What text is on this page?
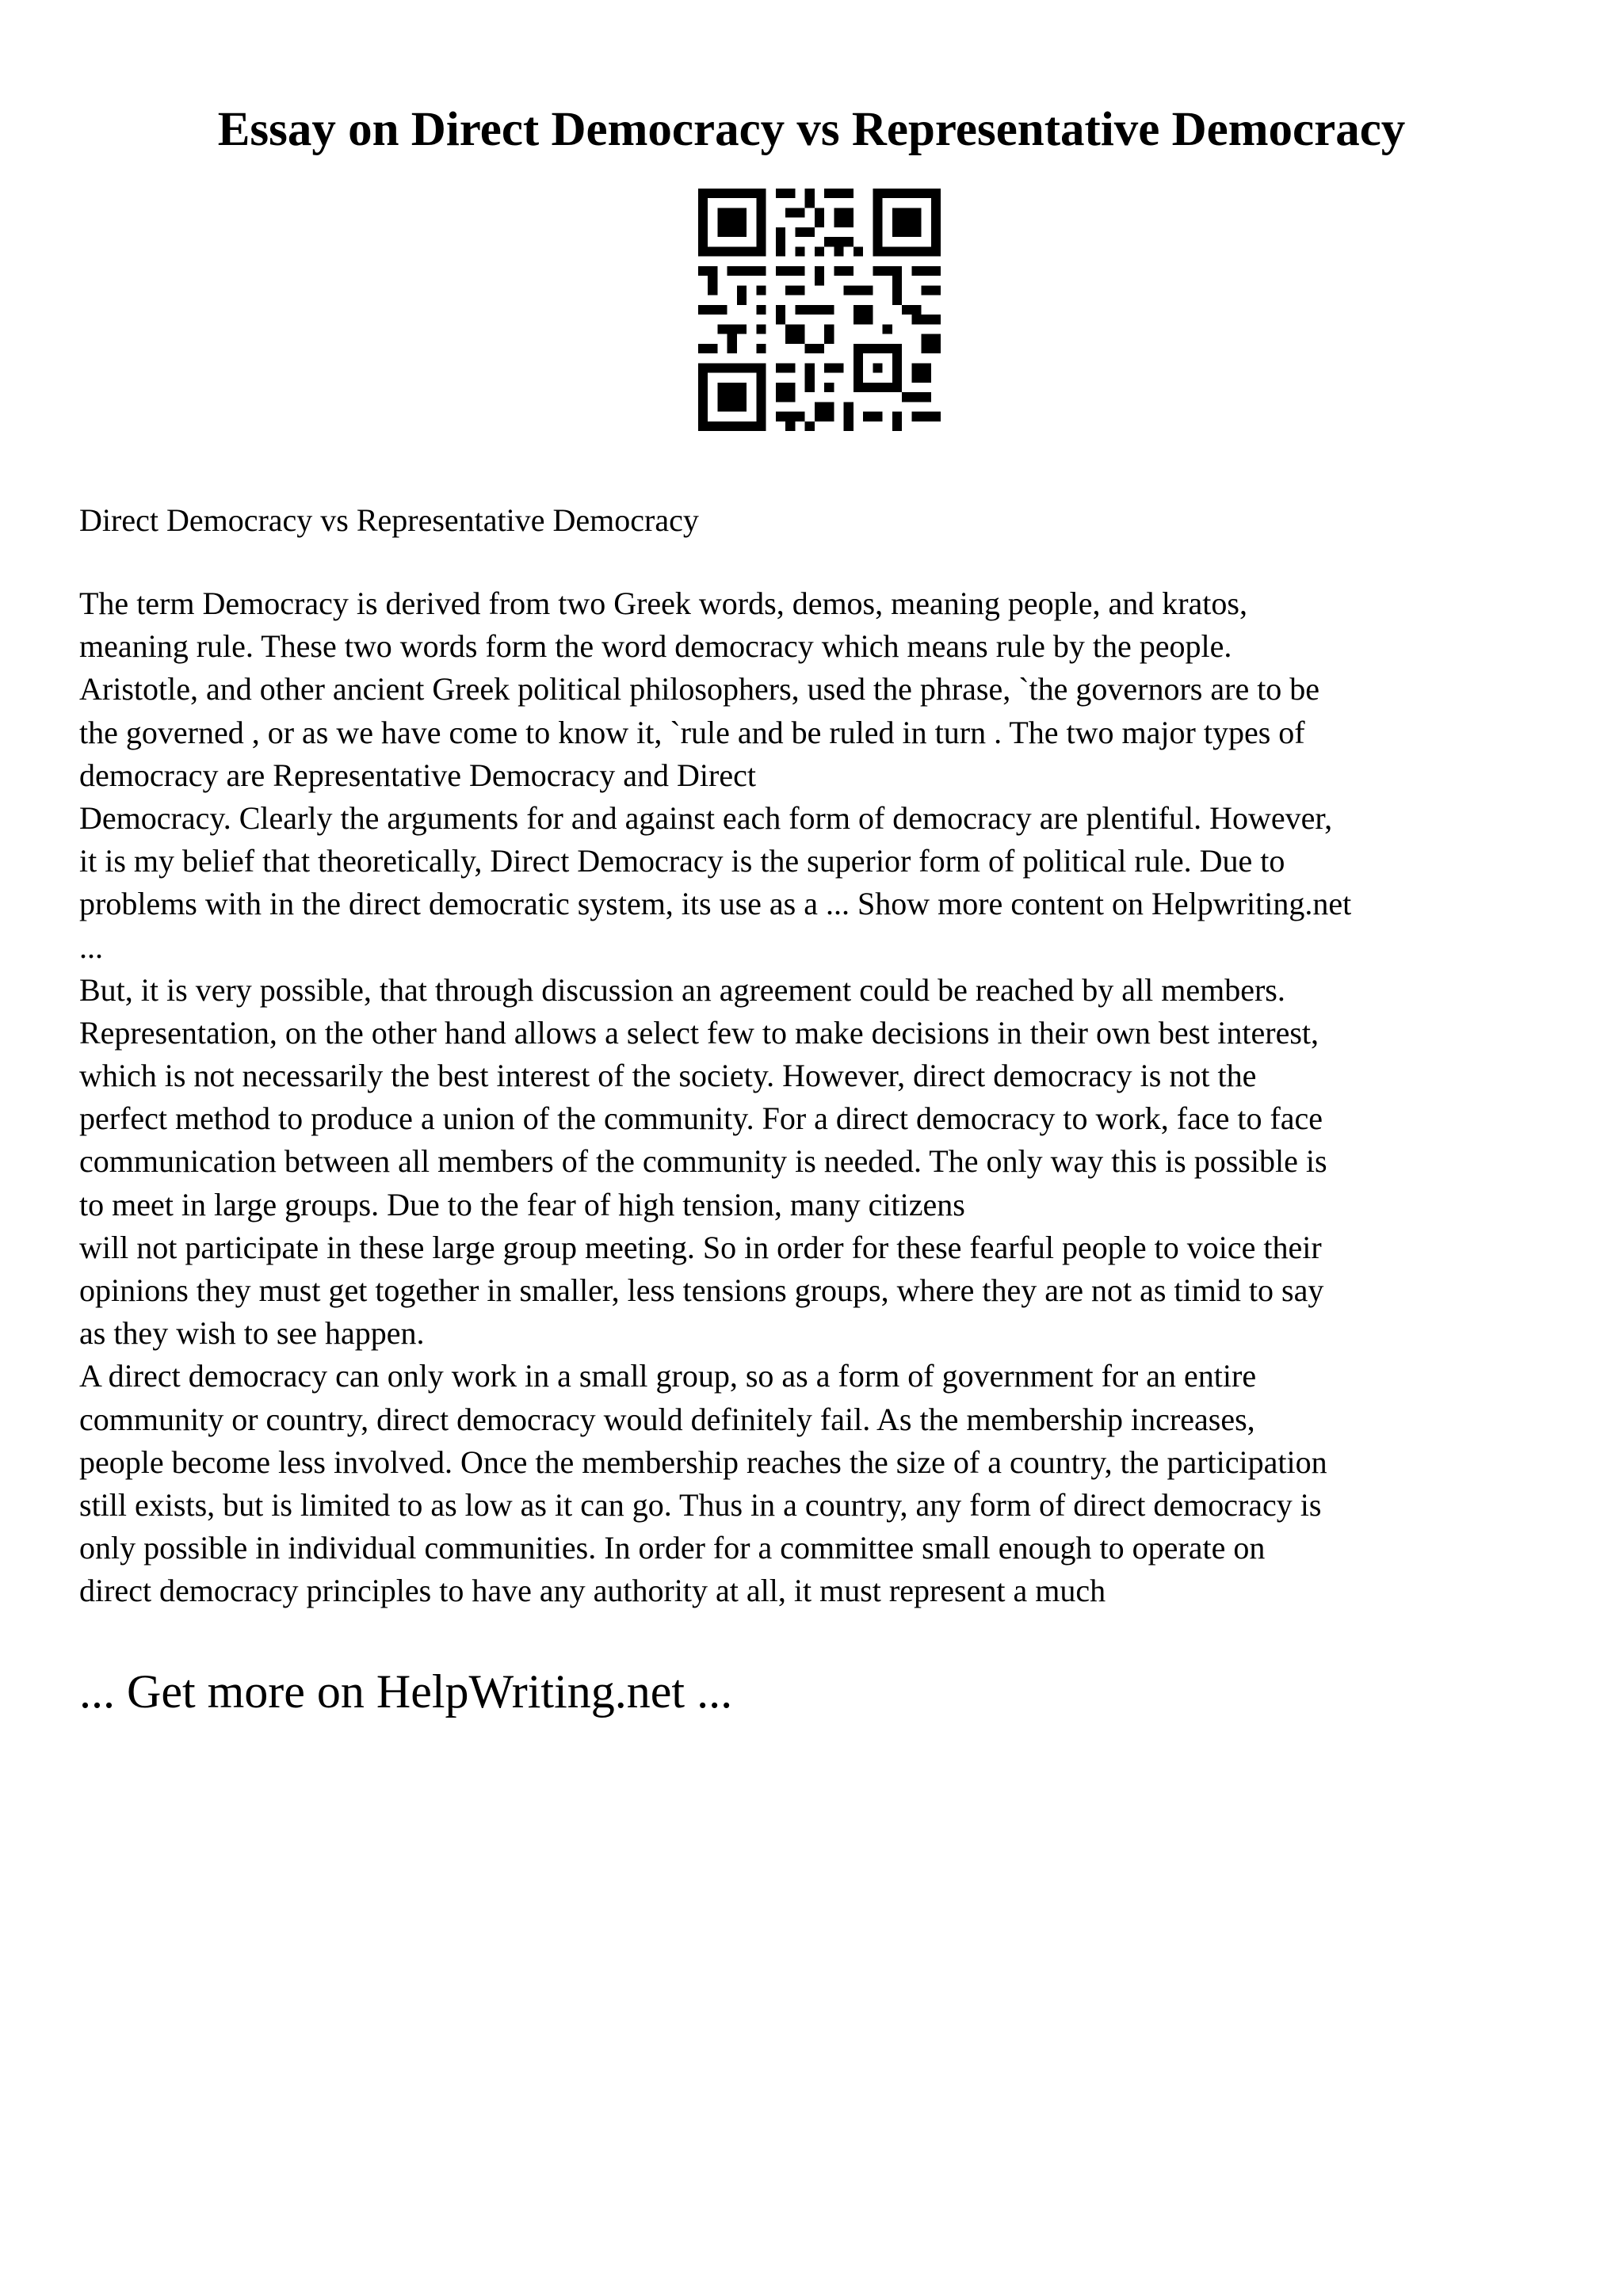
Essay on Direct Democracy vs Representative Democracy
Direct Democracy vs Representative Democracy
The term Democracy is derived from two Greek words, demos, meaning people, and kratos,
meaning rule. These two words form the word democracy which means rule by the people.
Aristotle, and other ancient Greek political philosophers, used the phrase, `the governors are to be
the governed , or as we have come to know it, `rule and be ruled in turn . The two major types of
democracy are Representative Democracy and Direct
Democracy. Clearly the arguments for and against each form of democracy are plentiful. However,
it is my belief that theoretically, Direct Democracy is the superior form of political rule. Due to
problems with in the direct democratic system, its use as a ... Show more content on Helpwriting.net
...
But, it is very possible, that through discussion an agreement could be reached by all members.
Representation, on the other hand allows a select few to make decisions in their own best interest,
which is not necessarily the best interest of the society. However, direct democracy is not the
perfect method to produce a union of the community. For a direct democracy to work, face to face
communication between all members of the community is needed. The only way this is possible is
to meet in large groups. Due to the fear of high tension, many citizens
will not participate in these large group meeting. So in order for these fearful people to voice their
opinions they must get together in smaller, less tensions groups, where they are not as timid to say
as they wish to see happen.
A direct democracy can only work in a small group, so as a form of government for an entire
community or country, direct democracy would definitely fail. As the membership increases,
people become less involved. Once the membership reaches the size of a country, the participation
still exists, but is limited to as low as it can go. Thus in a country, any form of direct democracy is
only possible in individual communities. In order for a committee small enough to operate on
direct democracy principles to have any authority at all, it must represent a much
... Get more on HelpWriting.net ...
